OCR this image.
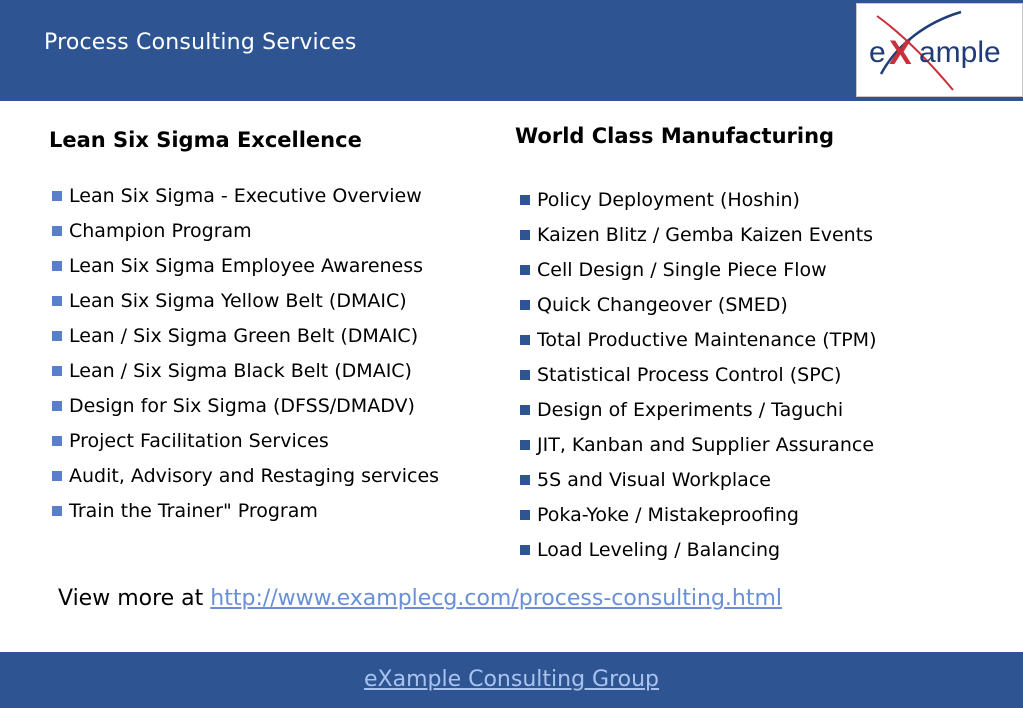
Process Consulting Services	e X ample
Lean Six Sigma Excellence
Lean Six Sigma - Executive Overview
Champion Program
Lean Six Sigma Employee Awareness
Lean Six Sigma Yellow Belt (DMAIC)
Lean / Six Sigma Green Belt (DMAIC)
Lean / Six Sigma Black Belt (DMAIC)
Design for Six Sigma (DFSS/DMADV)
Project Facilitation Services
Audit, Advisory and Restaging services
Train the Trainer" Program
World Class Manufacturing
Policy Deployment (Hoshin)
Kaizen Blitz / Gemba Kaizen Events
Cell Design / Single Piece Flow
Quick Changeover (SMED)
Total Productive Maintenance (TPM)
Statistical Process Control (SPC)
Design of Experiments / Taguchi
JIT, Kanban and Supplier Assurance
5S and Visual Workplace
Poka-Yoke / Mistakeproofing
Load Leveling / Balancing
View more at http://www.examplecg.com/process-consulting.html
eXample Consulting Group
